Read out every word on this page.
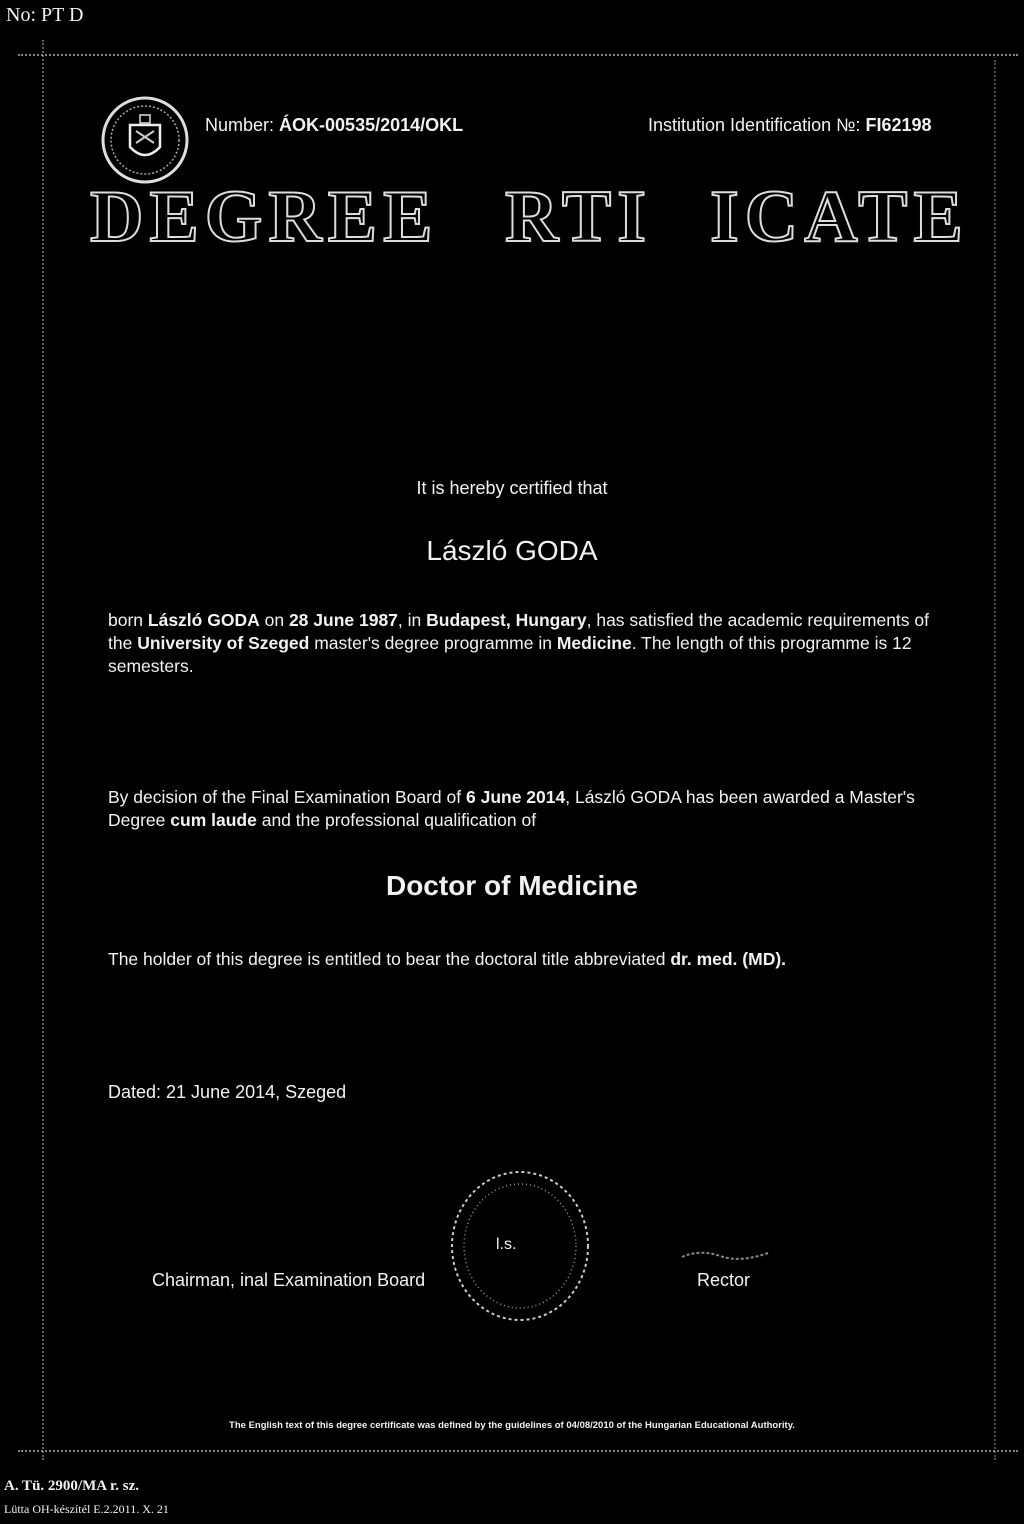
No: PT D
Number: ÁOK-00535/2014/OKL	Institution Identification №: FI62198
DEGREE RTI ICATE
It is hereby certified that
László GODA
born László GODA on 28 June 1987, in Budapest, Hungary, has satisfied the academic requirements of the University of Szeged master's degree programme in Medicine. The length of this programme is 12 semesters.
By decision of the Final Examination Board of 6 June 2014, László GODA has been awarded a Master's Degree cum laude and the professional qualification of
Doctor of Medicine
The holder of this degree is entitled to bear the doctoral title abbreviated dr. med. (MD).
Dated: 21 June 2014, Szeged
l.s.
Chairman, inal Examination Board	Rector
The English text of this degree certificate was defined by the guidelines of 04/08/2010 of the Hungarian Educational Authority.
A. Tü. 2900/MA r. sz.
Lütta OH-készítél E.2.2011. X. 21
